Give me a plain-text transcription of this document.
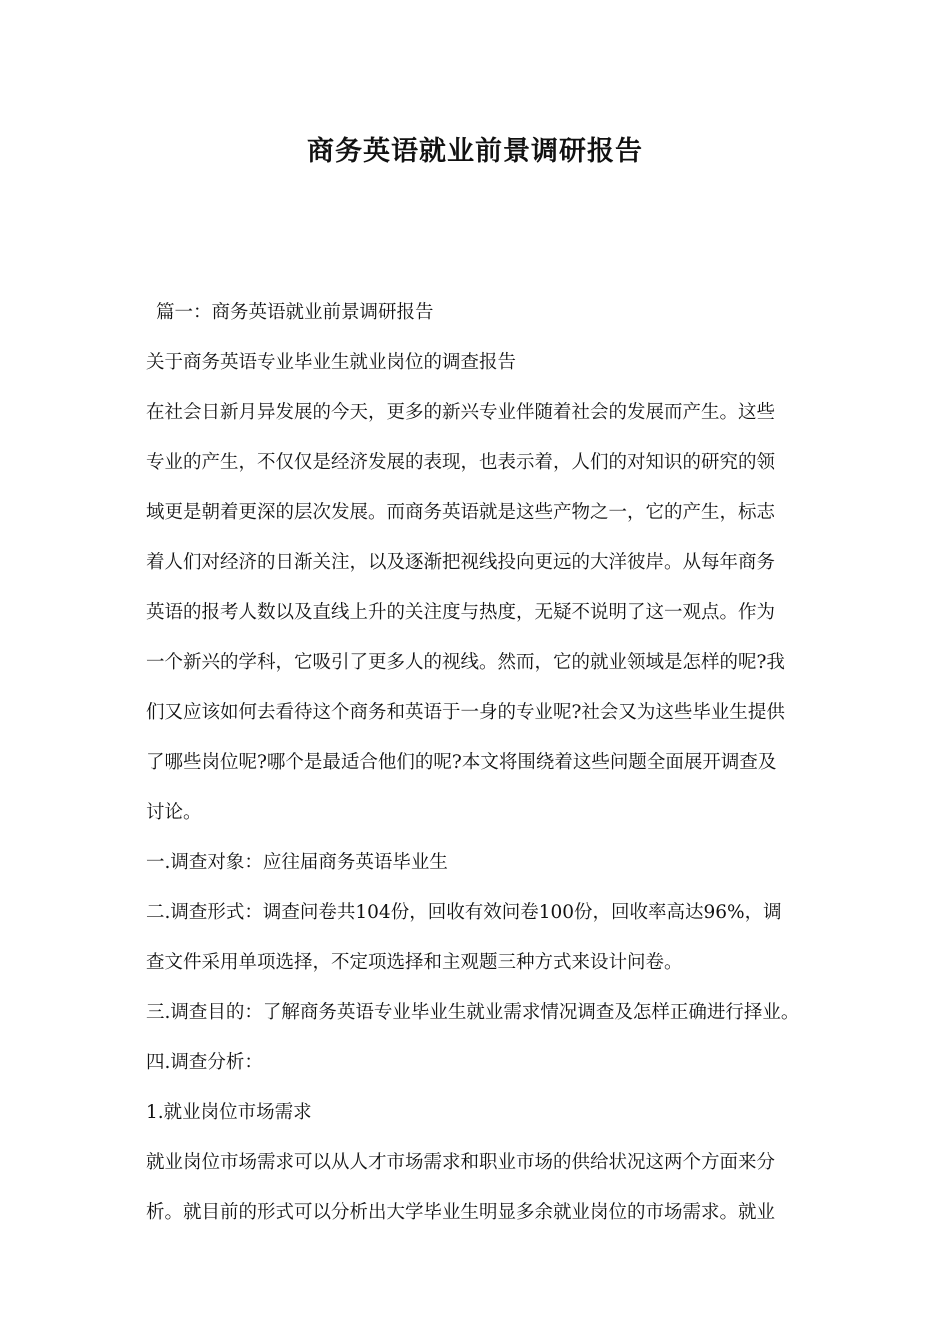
商务英语就业前景调研报告
篇一：商务英语就业前景调研报告
关于商务英语专业毕业生就业岗位的调查报告
在社会日新月异发展的今天，更多的新兴专业伴随着社会的发展而产生。这些
专业的产生，不仅仅是经济发展的表现，也表示着，人们的对知识的研究的领
域更是朝着更深的层次发展。而商务英语就是这些产物之一，它的产生，标志
着人们对经济的日渐关注，以及逐渐把视线投向更远的大洋彼岸。从每年商务
英语的报考人数以及直线上升的关注度与热度，无疑不说明了这一观点。作为
一个新兴的学科，它吸引了更多人的视线。然而，它的就业领域是怎样的呢?我
们又应该如何去看待这个商务和英语于一身的专业呢?社会又为这些毕业生提供
了哪些岗位呢?哪个是最适合他们的呢?本文将围绕着这些问题全面展开调查及
讨论。
一.调查对象：应往届商务英语毕业生
二.调查形式：调查问卷共104份，回收有效问卷100份，回收率高达96%，调
查文件采用单项选择，不定项选择和主观题三种方式来设计问卷。
三.调查目的：了解商务英语专业毕业生就业需求情况调查及怎样正确进行择业。
四.调查分析：
1.就业岗位市场需求
就业岗位市场需求可以从人才市场需求和职业市场的供给状况这两个方面来分
析。就目前的形式可以分析出大学毕业生明显多余就业岗位的市场需求。就业
